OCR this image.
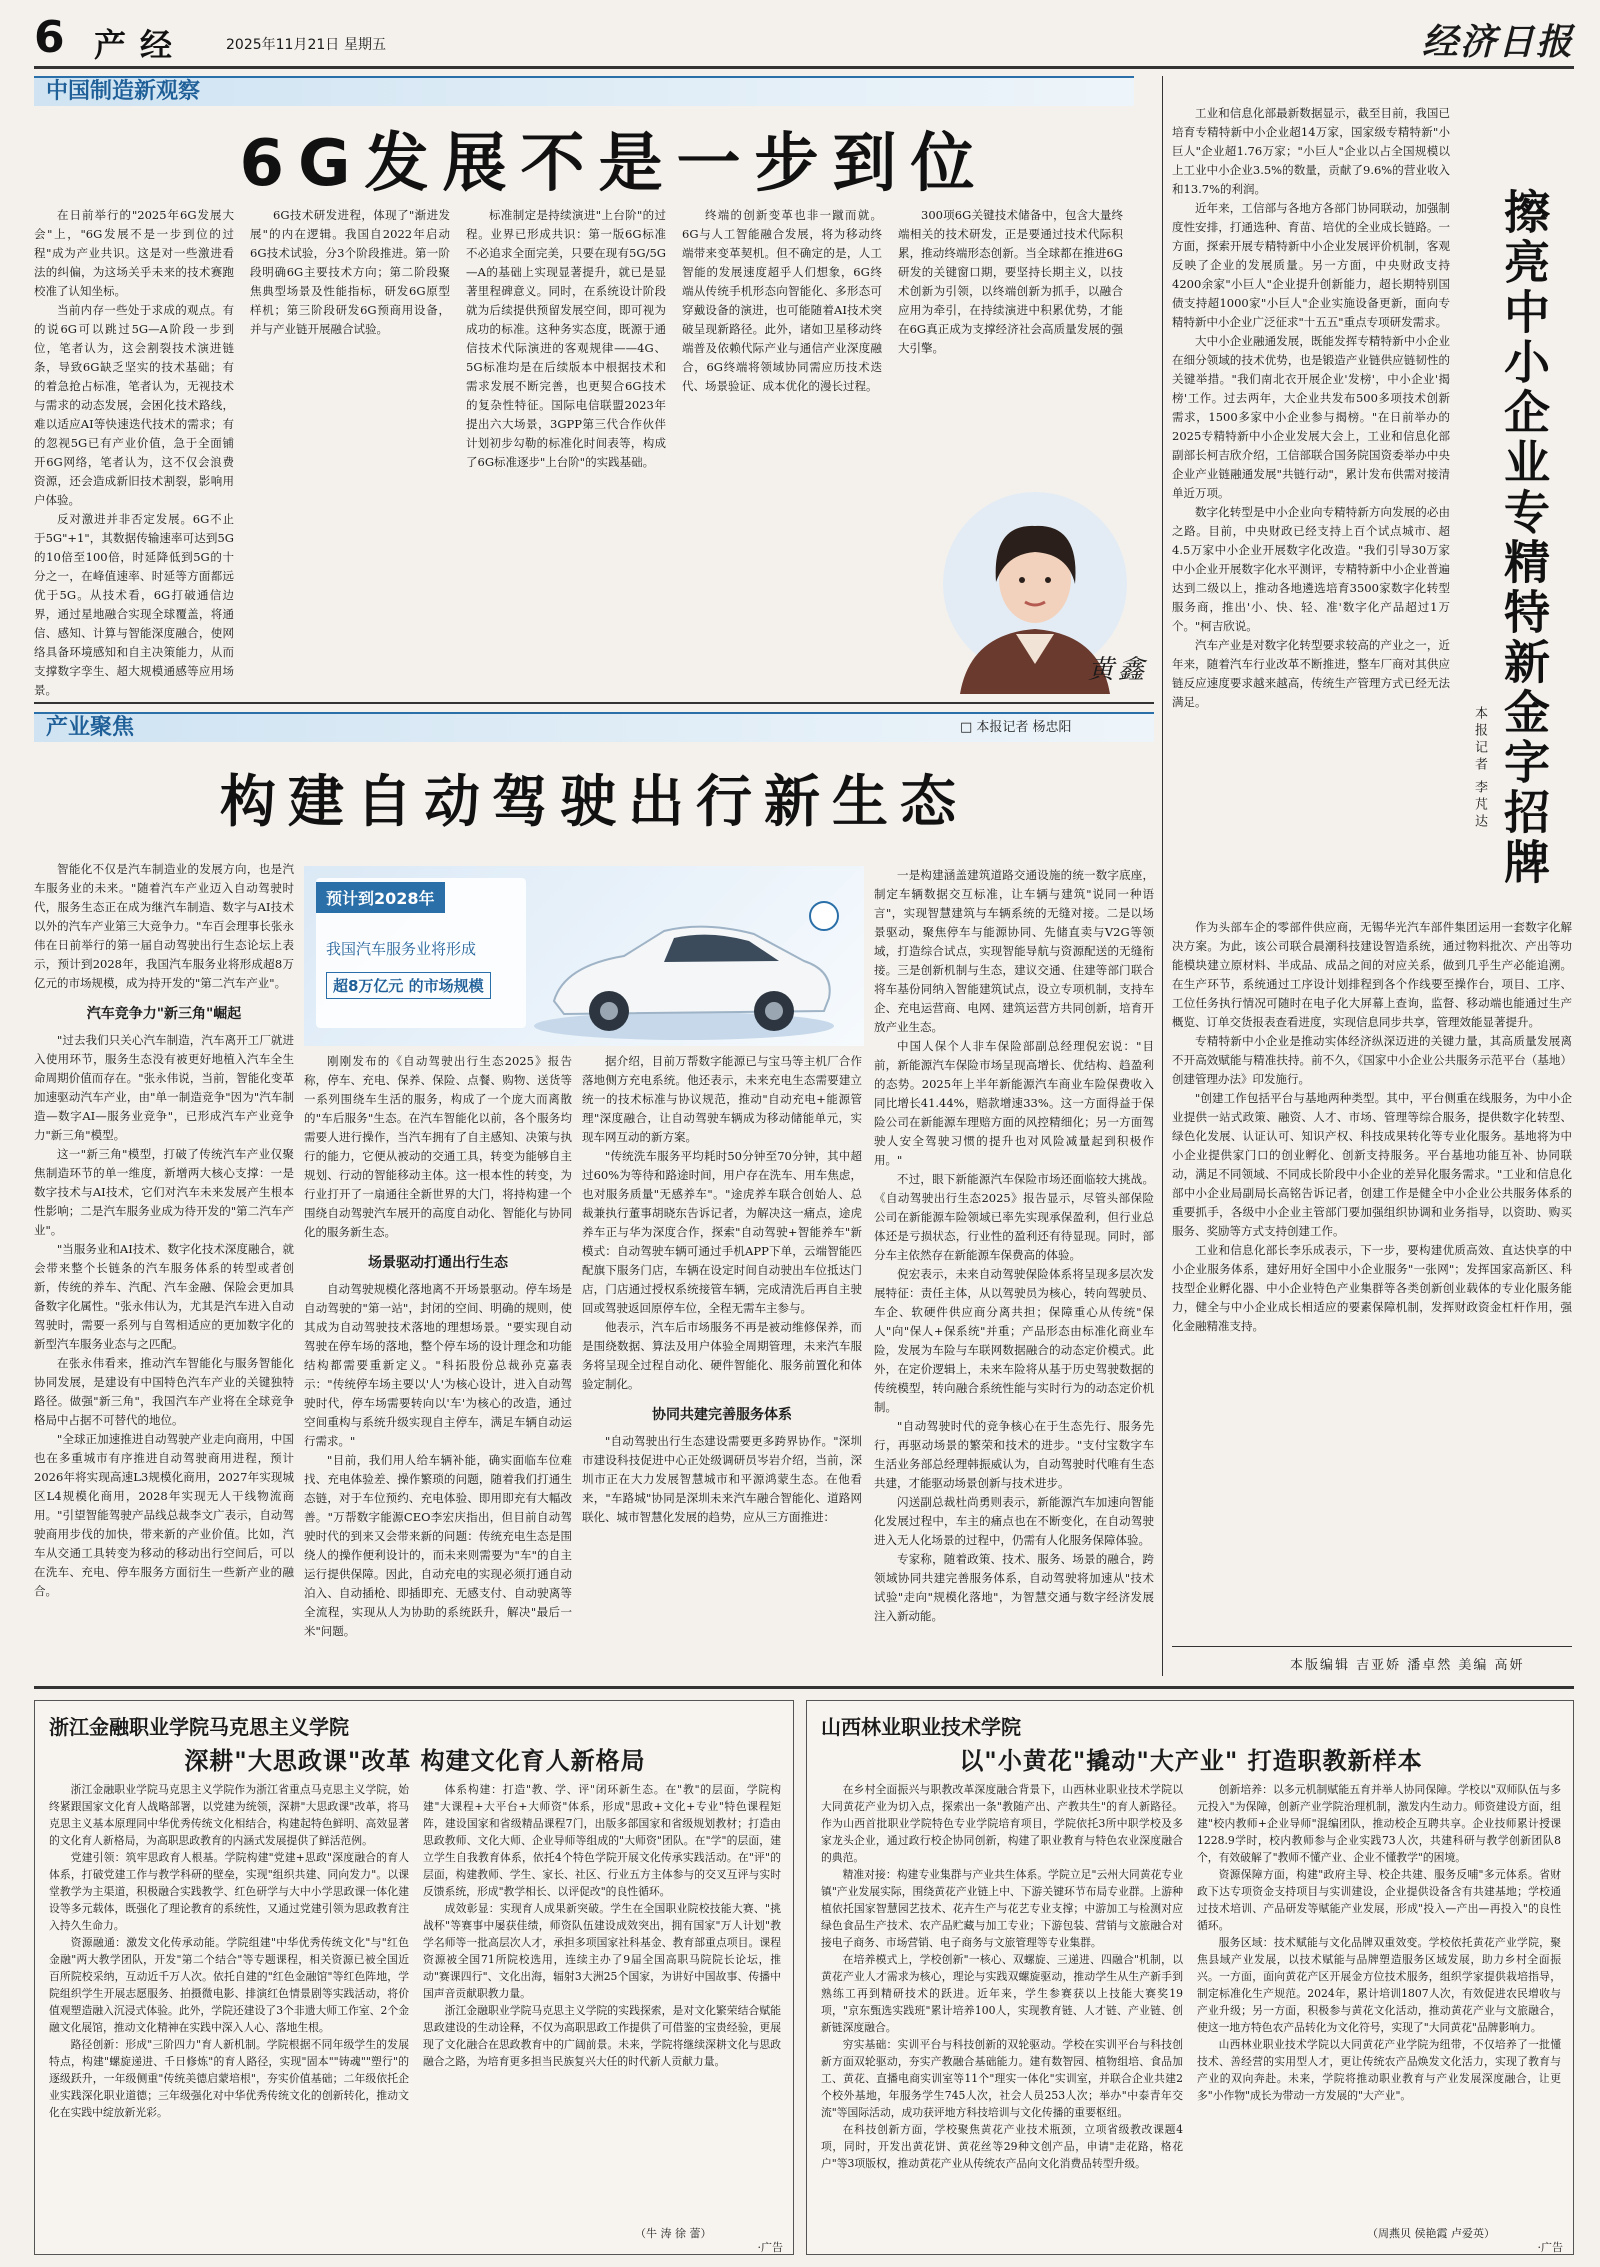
6 产经	2025年11月21日 星期五	经济日报
中国制造新观察
6G发展不是一步到位

在日前举行的"2025年6G发展大会"上，"6G发展不是一步到位的过程"成为产业共识。这是对一些激进看法的纠偏，为这场关乎未来的技术赛跑校准了认知坐标。

当前内存一些处于求成的观点。有的说6G可以跳过5G—A阶段一步到位，笔者认为，这会割裂技术演进链条，导致6G缺乏坚实的技术基础；有的着急抢占标准，笔者认为，无视技术与需求的动态发展，会困化技术路线，难以适应AI等快速迭代技术的需求；有的忽视5G已有产业价值，急于全面铺开6G网络，笔者认为，这不仅会浪费资源，还会造成新旧技术割裂，影响用户体验。

反对激进并非否定发展。6G不止于5G"+1"，其数据传输速率可达到5G的10倍至100倍，时延降低到5G的十分之一，在峰值速率、时延等方面都远优于5G。从技术看，6G打破通信边界，通过星地融合实现全球覆盖，将通信、感知、计算与智能深度融合，使网络具备环境感知和自主决策能力，从而支撑数字孪生、超大规模通感等应用场景。

6G技术研发进程，体现了"渐进发展"的内在逻辑。我国自2022年启动6G技术试验，分3个阶段推进。第一阶段明确6G主要技术方向；第二阶段聚焦典型场景及性能指标，研发6G原型样机；第三阶段研发6G预商用设备，并与产业链开展融合试验。

标准制定是持续演进"上台阶"的过程。业界已形成共识：第一版6G标准不必追求全面完美，只要在现有5G/5G—A的基础上实现显著提升，就已是显著里程碑意义。同时，在系统设计阶段就为后续提供预留发展空间，即可视为成功的标准。这种务实态度，既源于通信技术代际演进的客观规律——4G、5G标准均是在后续版本中根据技术和需求发展不断完善，也更契合6G技术的复杂性特征。国际电信联盟2023年提出六大场景，3GPP第三代合作伙伴计划初步勾勒的标准化时间表等，构成了6G标准逐步"上台阶"的实践基础。

终端的创新变革也非一蹴而就。6G与人工智能融合发展，将为移动终端带来变革契机。但不确定的是，人工智能的发展速度超乎人们想象，6G终端从传统手机形态向智能化、多形态可穿戴设备的演进，也可能随着AI技术突破呈现新路径。此外，诸如卫星移动终端普及依赖代际产业与通信产业深度融合，6G终端将领域协同需应历技术迭代、场景验证、成本优化的漫长过程。

300项6G关键技术储备中，包含大量终端相关的技术研发，正是要通过技术代际积累，推动终端形态创新。当全球都在推进6G研发的关键窗口期，要坚持长期主义，以技术创新为引领，以终端创新为抓手，以融合应用为牵引，在持续演进中积累优势，才能在6G真正成为支撑经济社会高质量发展的强大引擎。

黄鑫
产业聚焦	□ 本报记者 杨忠阳
构建自动驾驶出行新生态

智能化不仅是汽车制造业的发展方向，也是汽车服务业的未来。"随着汽车产业迈入自动驾驶时代，服务生态正在成为继汽车制造、数字与AI技术以外的汽车产业第三大竞争力。"车百会理事长张永伟在日前举行的第一届自动驾驶出行生态论坛上表示，预计到2028年，我国汽车服务业将形成超8万亿元的市场规模，成为持开发的"第二汽车产业"。

汽车竞争力"新三角"崛起

"过去我们只关心汽车制造，汽车离开工厂就进入使用环节，服务生态没有被更好地植入汽车全生命周期价值而存在。"张永伟说，当前，智能化变革加速驱动汽车产业，由"单一制造竞争"因为"汽车制造—数字AI—服务业竞争"，已形成汽车产业竞争力"新三角"模型。

这一"新三角"模型，打破了传统汽车产业仅聚焦制造环节的单一维度，新增两大核心支撑：一是数字技术与AI技术，它们对汽车未来发展产生根本性影响；二是汽车服务业成为待开发的"第二汽车产业"。

"当服务业和AI技术、数字化技术深度融合，就会带来整个长链条的汽车服务体系的转型或者创新，传统的养车、汽配、汽车金融、保险会更加具备数字化属性。"张永伟认为，尤其是汽车进入自动驾驶时，需要一系列与自驾相适应的更加数字化的新型汽车服务业态与之匹配。

在张永伟看来，推动汽车智能化与服务智能化协同发展，是建设有中国特色汽车产业的关键独特路径。做强"新三角"，我国汽车产业将在全球竞争格局中占据不可替代的地位。

"全球正加速推进自动驾驶产业走向商用，中国也在多重城市有序推进自动驾驶商用进程，预计2026年将实现高速L3规模化商用，2027年实现城区L4规模化商用，2028年实现无人干线物流商用。"引望智能驾驶产品线总裁李文广表示，自动驾驶商用步伐的加快，带来新的产业价值。比如，汽车从交通工具转变为移动的移动出行空间后，可以在洗车、充电、停车服务方面衍生一些新产业的融合。

预计到2028年
我国汽车服务业将形成
超8万亿元 的市场规模

刚刚发布的《自动驾驶出行生态2025》报告称，停车、充电、保养、保险、点餐、购物、送货等一系列围绕车生活的服务，构成了一个庞大而离散的"车后服务"生态。在汽车智能化以前，各个服务均需要人进行操作，当汽车拥有了自主感知、决策与执行的能力，它便从被动的交通工具，转变为能够自主规划、行动的智能移动主体。这一根本性的转变，为行业打开了一扇通往全新世界的大门，将持构建一个围绕自动驾驶汽车展开的高度自动化、智能化与协同化的服务新生态。

场景驱动打通出行生态

自动驾驶规模化落地离不开场景驱动。停车场是自动驾驶的"第一站"，封闭的空间、明确的规则，使其成为自动驾驶技术落地的理想场景。"要实现自动驾驶在停车场的落地，整个停车场的设计理念和功能结构都需要重新定义。"科拓股份总裁孙克嘉表示："传统停车场主要以'人'为核心设计，进入自动驾驶时代，停车场需要转向以'车'为核心的改造，通过空间重构与系统升级实现自主停车，满足车辆自动运行需求。"

"目前，我们用人给车辆补能，确实面临车位难找、充电体验差、操作繁琐的问题，随着我们打通生态链，对于车位预约、充电体验、即用即充有大幅改善。"万帮数字能源CEO李宏庆指出，但目前自动驾驶时代的到来又会带来新的问题：传统充电生态是围绕人的操作便利设计的，而未来则需要为"车"的自主运行提供保障。因此，自动充电的实现必须打通自动泊入、自动插枪、即插即充、无感支付、自动驶离等全流程，实现从人为协助的系统跃升，解决"最后一米"问题。

据介绍，目前万帮数字能源已与宝马等主机厂合作落地侧方充电系统。他还表示，未来充电生态需要建立统一的技术标准与协议规范，推动"自动充电+能源管理"深度融合，让自动驾驶车辆成为移动储能单元，实现车网互动的新方案。

"传统洗车服务平均耗时50分钟至70分钟，其中超过60%为等待和路途时间，用户存在洗车、用车焦虑，也对服务质量"无感养车"。"途虎养车联合创始人、总裁兼执行董事胡晓东告诉记者，为解决这一痛点，途虎养车正与华为深度合作，探索"自动驾驶+智能养车"新模式：自动驾驶车辆可通过手机APP下单，云端智能匹配旗下服务门店，车辆在设定时间自动驶出车位抵达门店，门店通过授权系统接管车辆，完成清洗后再自主驶回或驾驶返回原停车位，全程无需车主参与。

他表示，汽车后市场服务不再是被动维修保养，而是围绕数据、算法及用户体验全周期管理，未来汽车服务将呈现全过程自动化、硬件智能化、服务前置化和体验定制化。

协同共建完善服务体系

"自动驾驶出行生态建设需要更多跨界协作。"深圳市建设科技促进中心正处级调研员岑岩介绍，当前，深圳市正在大力发展智慧城市和平源鸿蒙生态。在他看来，"车路城"协同是深圳未来汽车融合智能化、道路网联化、城市智慧化发展的趋势，应从三方面推进：

一是构建涵盖建筑道路交通设施的统一数字底座，制定车辆数据交互标准，让车辆与建筑"说同一种语言"，实现智慧建筑与车辆系统的无缝对接。二是以场景驱动，聚焦停车与能源协同、先储直卖与V2G等领域，打造综合试点，实现智能导航与资源配送的无缝衔接。三是创新机制与生态，建议交通、住建等部门联合将车基份同纳入智能建筑试点，设立专项机制，支持车企、充电运营商、电网、建筑运营方共同创新，培育开放产业生态。

中国人保个人非车保险部副总经理倪宏说："目前，新能源汽车保险市场呈现高增长、优结构、趋盈利的态势。2025年上半年新能源汽车商业车险保费收入同比增长41.44%，赔款增速33%。这一方面得益于保险公司在新能源车理赔方面的风控精细化；另一方面驾驶人安全驾驶习惯的提升也对风险减量起到积极作用。"

不过，眼下新能源汽车保险市场还面临较大挑战。《自动驾驶出行生态2025》报告显示，尽管头部保险公司在新能源车险领域已率先实现承保盈利，但行业总体还是亏损状态，行业性的盈利还有待显现。同时，部分车主依然存在新能源车保费高的体验。

倪宏表示，未来自动驾驶保险体系将呈现多层次发展特征：责任主体，从以驾驶员为核心，转向驾驶员、车企、软硬件供应商分离共担；保障重心从传统"保人"向"保人+保系统"并重；产品形态由标准化商业车险，发展为车险与车联网数据融合的动态定价模式。此外，在定价逻辑上，未来车险将从基于历史驾驶数据的传统模型，转向融合系统性能与实时行为的动态定价机制。

"自动驾驶时代的竞争核心在于生态先行、服务先行，再驱动场景的繁荣和技术的进步。"支付宝数字车生活业务部总经理韩振威认为，自动驾驶时代唯有生态共建，才能驱动场景创新与技术进步。

闪送副总裁杜尚勇则表示，新能源汽车加速向智能化发展过程中，车主的痛点也在不断变化，在自动驾驶进入无人化场景的过程中，仍需有人化服务保障体验。

专家称，随着政策、技术、服务、场景的融合，跨领域协同共建完善服务体系，自动驾驶将加速从"技术试验"走向"规模化落地"，为智慧交通与数字经济发展注入新动能。

擦亮中小企业专精特新金字招牌
本报记者
李芃达

工业和信息化部最新数据显示，截至目前，我国已培育专精特新中小企业超14万家，国家级专精特新"小巨人"企业超1.76万家；"小巨人"企业以占全国规模以上工业中小企业3.5%的数量，贡献了9.6%的营业收入和13.7%的利润。

近年来，工信部与各地方各部门协同联动，加强制度性安排，打通选种、育苗、培优的全业成长链路。一方面，探索开展专精特新中小企业发展评价机制，客观反映了企业的发展质量。另一方面，中央财政支持4200余家"小巨人"企业提升创新能力，超长期特别国债支持超1000家"小巨人"企业实施设备更新，面向专精特新中小企业广泛征求"十五五"重点专项研发需求。

大中小企业融通发展，既能发挥专精特新中小企业在细分领域的技术优势，也是锻造产业链供应链韧性的关键举措。"我们南北衣开展企业'发榜'，中小企业'揭榜'工作。过去两年，大企业共发布500多项技术创新需求，1500多家中小企业参与揭榜。"在日前举办的2025专精特新中小企业发展大会上，工业和信息化部副部长柯吉欣介绍，工信部联合国务院国资委举办中央企业产业链融通发展"共链行动"，累计发布供需对接清单近万项。

数字化转型是中小企业向专精特新方向发展的必由之路。目前，中央财政已经支持上百个试点城市、超4.5万家中小企业开展数字化改造。"我们引导30万家中小企业开展数字化水平测评，专精特新中小企业普遍达到二级以上，推动各地遴选培育3500家数字化转型服务商，推出'小、快、轻、准'数字化产品超过1万个。"柯吉欣说。

汽车产业是对数字化转型要求较高的产业之一，近年来，随着汽车行业改革不断推进，整车厂商对其供应链反应速度要求越来越高，传统生产管理方式已经无法满足。

作为头部车企的零部件供应商，无锡华光汽车部件集团运用一套数字化解决方案。为此，该公司联合晨潮科技建设智造系统，通过物料批次、产出等功能模块建立原材料、半成品、成品之间的对应关系，做到几乎生产必能追溯。在生产环节，系统通过工序设计划排程到各个作线要至操作台，项目、工序、工位任务执行情况可随时在电子化大屏幕上查询，监督、移动端也能通过生产概览、订单交货报表查看进度，实现信息同步共享，管理效能显著提升。

专精特新中小企业是推动实体经济纵深迈进的关键力量，其高质量发展离不开高效赋能与精准扶持。前不久，《国家中小企业公共服务示范平台（基地）创建管理办法》印发施行。

"创建工作包括平台与基地两种类型。其中，平台侧重在线服务，为中小企业提供一站式政策、融资、人才、市场、管理等综合服务，提供数字化转型、绿色化发展、认证认可、知识产权、科技成果转化等专业化服务。基地将为中小企业提供家门口的创业孵化、创新支持服务。平台基地功能互补、协同联动，满足不同领域、不同成长阶段中小企业的差异化服务需求。"工业和信息化部中小企业局副局长高铭告诉记者，创建工作是健全中小企业公共服务体系的重要抓手，各级中小企业主管部门要加强组织协调和业务指导，以资助、购买服务、奖励等方式支持创建工作。

工业和信息化部长李乐成表示，下一步，要构建优质高效、直达快享的中小企业服务体系，建好用好全国中小企业服务"一张网"；发挥国家高新区、科技型企业孵化器、中小企业特色产业集群等各类创新创业载体的专业化服务能力，健全与中小企业成长相适应的要素保障机制，发挥财政资金杠杆作用，强化金融精准支持。

本版编辑 吉亚娇 潘卓然 美编 高妍
浙江金融职业学院马克思主义学院
深耕"大思政课"改革 构建文化育人新格局

浙江金融职业学院马克思主义学院作为浙江省重点马克思主义学院，始终紧跟国家文化育人战略部署，以党建为统领，深耕"大思政课"改革，将马克思主义基本原理同中华优秀传统文化相结合，构建起特色鲜明、高效显著的文化育人新格局，为高职思政教育的内涵式发展提供了鲜活范例。

党建引领：筑牢思政育人根基。学院构建"党建+思政"深度融合的育人体系，打破党建工作与教学科研的壁垒，实现"组织共建、同向发力"。以课堂教学为主渠道，积极融合实践教学、红色研学与大中小学思政课一体化建设等多元载体，既强化了理论教育的系统性，又通过党建引领为思政教育注入持久生命力。

资源融通：激发文化传承动能。学院组建"中华优秀传统文化"与"红色金融"两大教学团队，开发"第二个结合"等专题课程，相关资源已被全国近百所院校采纳，互动近千万人次。依托自建的"红色金融馆"等红色阵地，学院组织学生开展志愿服务、拍摄微电影、排演红色情景剧等实践活动，将价值观塑造融入沉浸式体验。此外，学院还建设了3个非遗大师工作室、2个金融文化展馆，推动文化精神在实践中深入人心、落地生根。

路径创新：形成"三阶四力"育人新机制。学院根据不同年级学生的发展特点，构建"螺旋递进、千日修炼"的育人路径，实现"固本""铸魂""塑行"的逐级跃升，一年级侧重"传统美德启蒙培根"，夯实价值基础；二年级依托企业实践深化职业道德；三年级强化对中华优秀传统文化的创新转化，推动文化在实践中绽放新光彩。

体系构建：打造"教、学、评"闭环新生态。在"教"的层面，学院构建"大课程+大平台+大师资"体系，形成"思政+文化+专业"特色课程矩阵，建设国家和省级精品课程7门，出版多部国家和省级规划教材；打造由思政教师、文化大师、企业导师等组成的"大师资"团队。在"学"的层面，建立学生自我教育体系，依托4个特色学院开展文化传承实践活动。在"评"的层面，构建教师、学生、家长、社区、行业五方主体参与的交叉互评与实时反馈系统，形成"教学相长、以评促改"的良性循环。

成效彰显：实现育人成果新突破。学生在全国职业院校技能大赛、"挑战杯"等赛事中屡获佳绩，师资队伍建设成效突出，拥有国家"万人计划"教学名师等一批高层次人才，承担多项国家社科基金、教育部重点项目。课程资源被全国71所院校选用，连续主办了9届全国高职马院院长论坛，推动"赛课四行"、文化出海，辐射3大洲25个国家，为讲好中国故事、传播中国声音贡献职教力量。

浙江金融职业学院马克思主义学院的实践探索，是对文化繁荣结合赋能思政建设的生动诠释，不仅为高职思政工作提供了可借鉴的宝贵经验，更展现了文化融合在思政教育中的广阔前景。未来，学院将继续深耕文化与思政融合之路，为培育更多担当民族复兴大任的时代新人贡献力量。

（牛 涛 徐 蕾）
·广告
山西林业职业技术学院
以"小黄花"撬动"大产业" 打造职教新样本

在乡村全面振兴与职教改革深度融合背景下，山西林业职业技术学院以大同黄花产业为切入点，探索出一条"教随产出、产教共生"的育人新路径。作为山西首批职业学院特色专业学院培育项目，学院依托3所中职学校及多家龙头企业，通过政行校企协同创新，构建了职业教育与特色农业深度融合的典范。

精准对接：构建专业集群与产业共生体系。学院立足"云州大同黄花专业镇"产业发展实际，围绕黄花产业链上中、下游关键环节布局专业群。上游种植依托国家智慧园艺技术、花卉生产与花艺专业支撑；中游加工与检测对应绿色食品生产技术、农产品贮藏与加工专业；下游包装、营销与文旅融合对接电子商务、市场营销、电子商务与文旅管理等专业集群。

在培养模式上，学校创新"一核心、双螺旋、三递进、四融合"机制，以黄花产业人才需求为核心，理论与实践双螺旋驱动，推动学生从生产新手到熟练工再到精研技术的跃进。近年来，学生参赛获以上技能大赛奖19项，"京东甄选实践班"累计培养100人，实现教育链、人才链、产业链、创新链深度融合。

穷实基础：实训平台与科技创新的双轮驱动。学校在实训平台与科技创新方面双轮驱动，夯实产教融合基础能力。建有数智园、植物组培、食品加工、黄花、直播电商实训室等11个"理实一体化"实训室，并联合企业共建2个校外基地，年服务学生745人次，社会人员253人次；举办"中泰青年交流"等国际活动，成功获评地方科技培训与文化传播的重要枢纽。

在科技创新方面，学校聚焦黄花产业技术瓶颈，立项省级教改课题4项，同时，开发出黄花饼、黄花丝等29种文创产品，申请"走花路，格花户"等3项版权，推动黄花产业从传统农产品向文化消费品转型升级。

创新培养：以多元机制赋能五育并举人协同保障。学校以"双师队伍与多元投入"为保障，创新产业学院治理机制，激发内生动力。师资建设方面，组建"校内教师+企业导师"混编团队，推动校企互聘共享。企业技师累计授课1228.9学时，校内教师参与企业实践73人次，共建科研与教学创新团队8个，有效破解了"教师不懂产业、企业不懂教学"的困境。

资源保障方面，构建"政府主导、校企共建、服务反哺"多元体系。省财政下达专项资金支持项目与实训建设，企业提供设备含有共建基地；学校通过技术培训、产品研发等赋能产业发展，形成"投入—产出—再投入"的良性循环。

服务区域：技术赋能与文化品牌双重效变。学校依托黄花产业学院，聚焦县域产业发展，以技术赋能与品牌塑造服务区域发展，助力乡村全面振兴。一方面，面向黄花产区开展金方位技术服务，组织学家提供栽培指导，制定标准化生产规范。2024年，累计培训1807人次，有效促进农民增收与产业升级；另一方面，积极参与黄花文化活动，推动黄花产业与文旅融合，使这一地方特色农产品转化为文化符号，实现了"大同黄花"品牌影响力。

山西林业职业技术学院以大同黄花产业学院为纽带，不仅培养了一批懂技术、善经营的实用型人才，更让传统农产品焕发文化活力，实现了教育与产业的双向奔赴。未来，学院将推动职业教育与产业发展深度融合，让更多"小作物"成长为带动一方发展的"大产业"。

（周燕贝 侯艳霞 卢爱英）
·广告
